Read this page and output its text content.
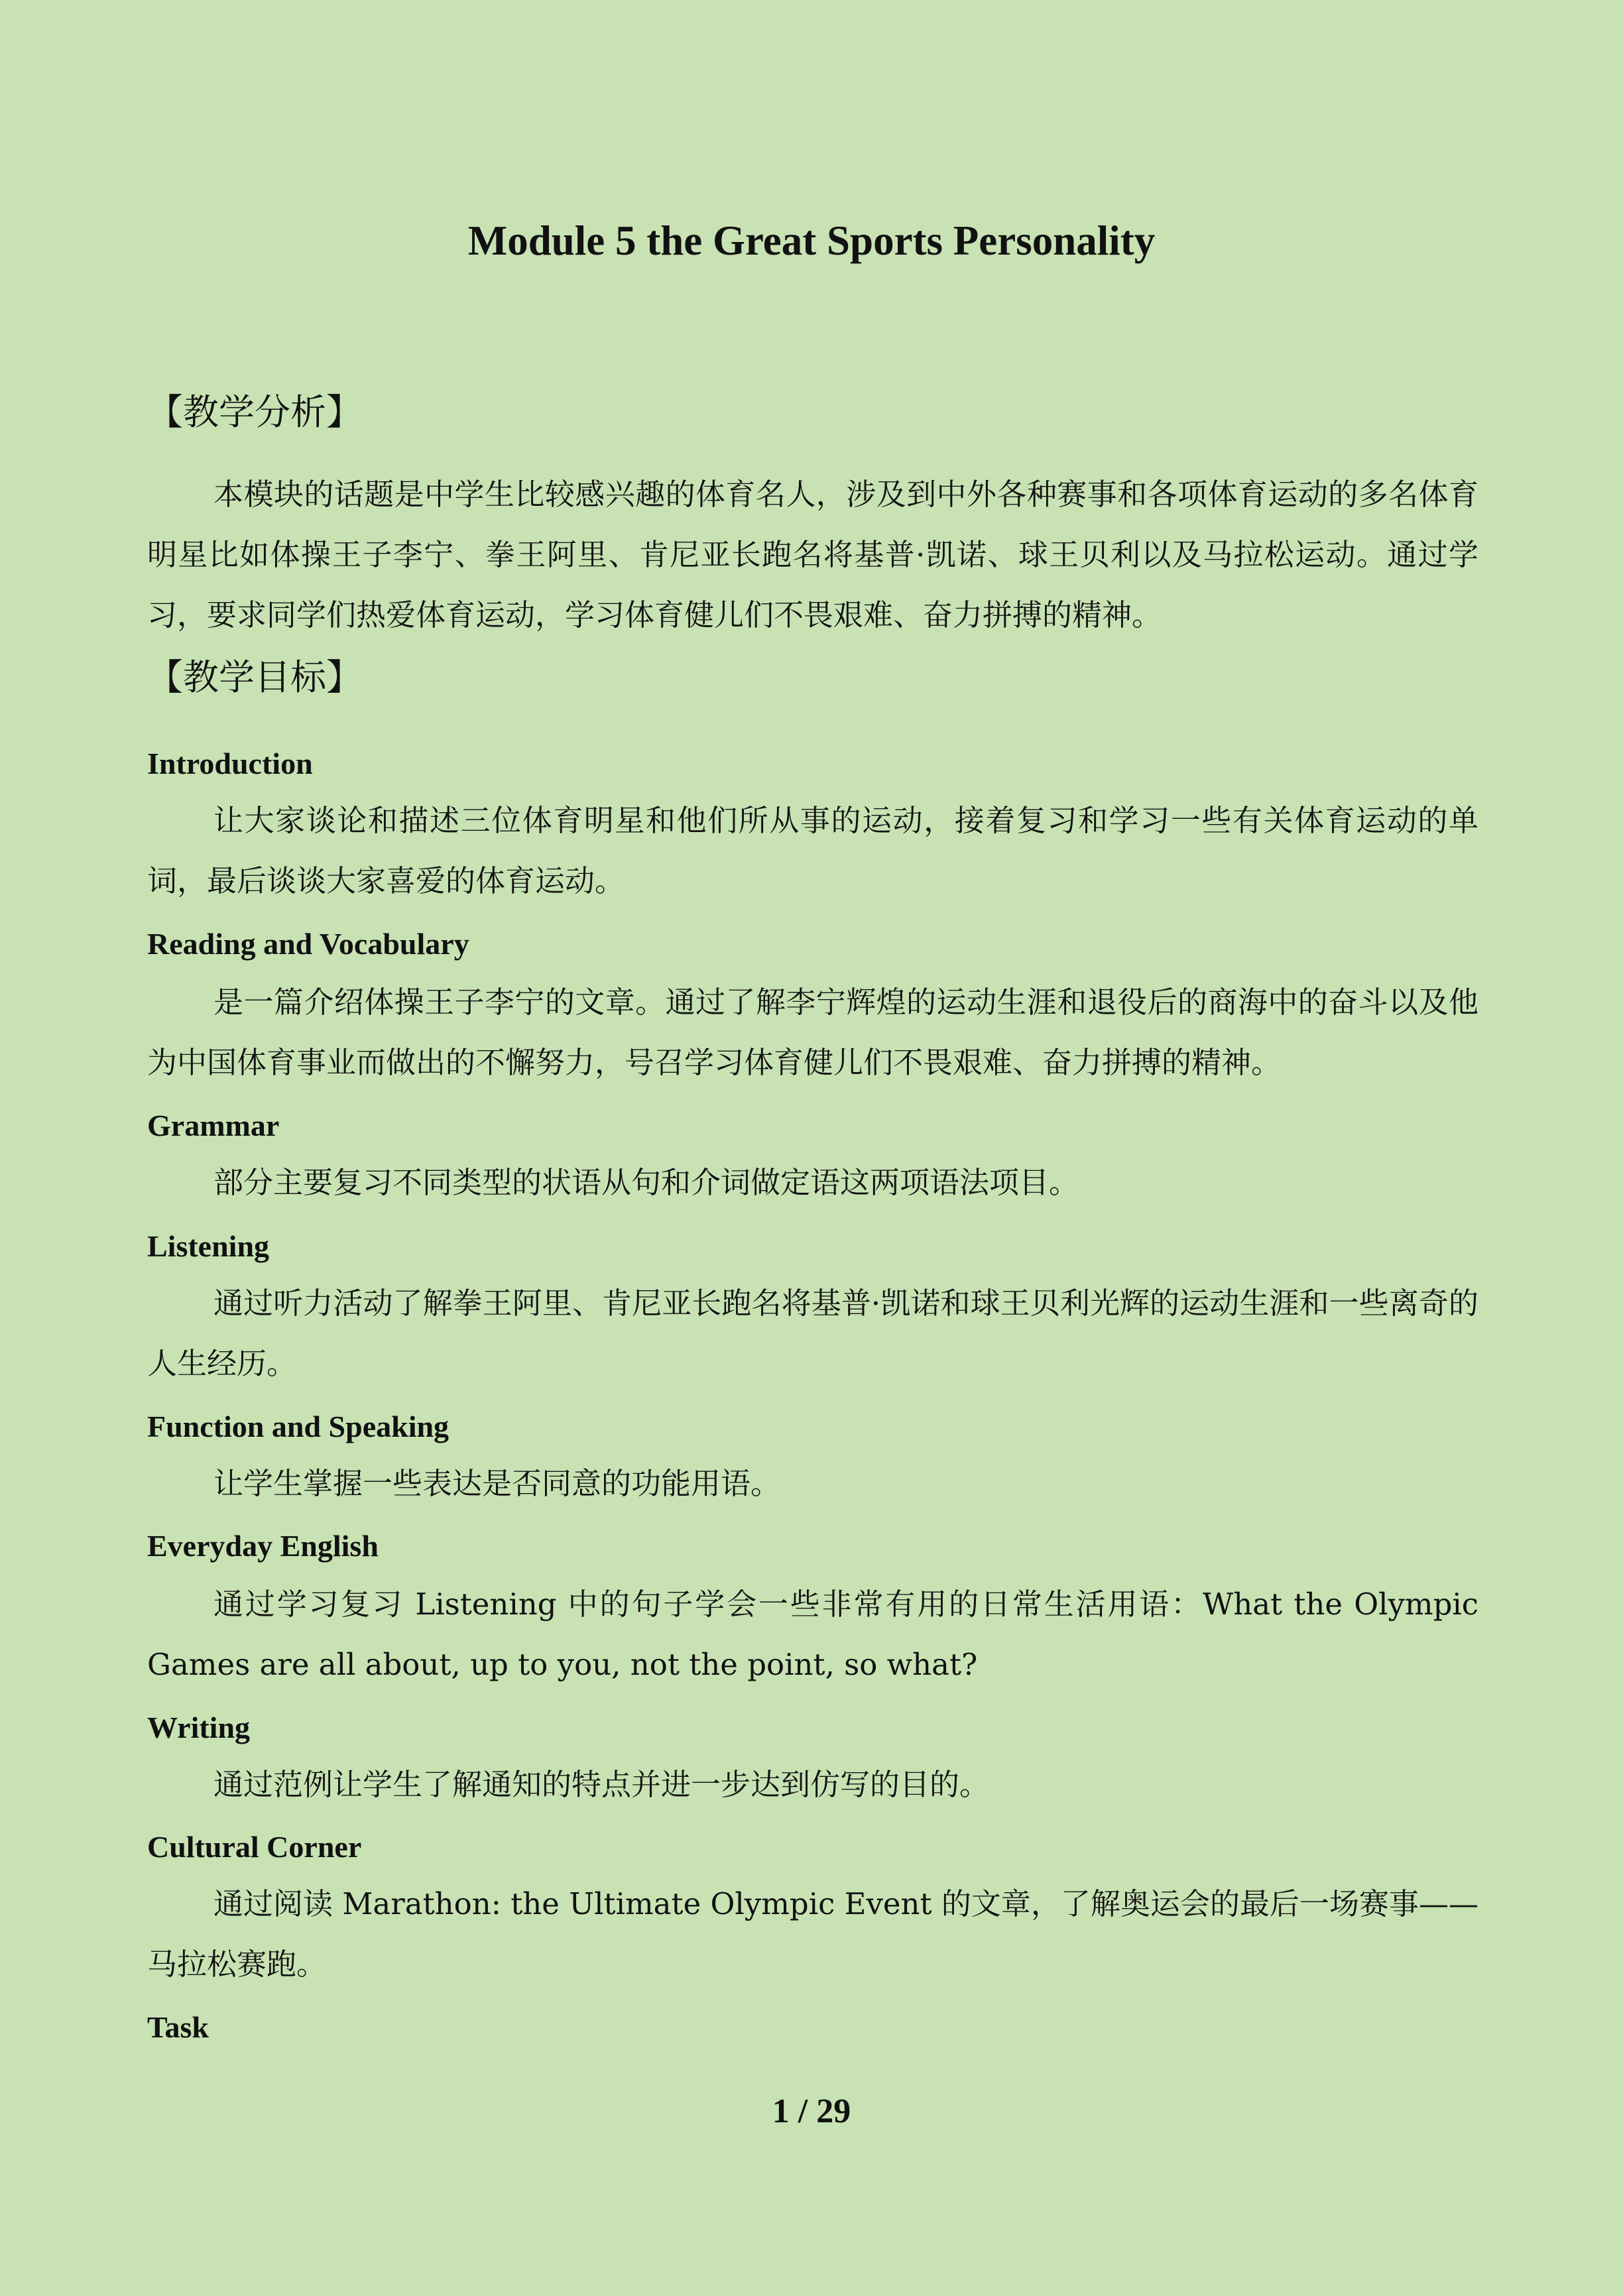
Module 5 the Great Sports Personality
【教学分析】

本模块的话题是中学生比较感兴趣的体育名人，涉及到中外各种赛事和各项体育运动的多名体育明星比如体操王子李宁、拳王阿里、肯尼亚长跑名将基普·凯诺、球王贝利以及马拉松运动。通过学习，要求同学们热爱体育运动，学习体育健儿们不畏艰难、奋力拼搏的精神。

【教学目标】
Introduction

让大家谈论和描述三位体育明星和他们所从事的运动，接着复习和学习一些有关体育运动的单词，最后谈谈大家喜爱的体育运动。

Reading and Vocabulary

是一篇介绍体操王子李宁的文章。通过了解李宁辉煌的运动生涯和退役后的商海中的奋斗以及他为中国体育事业而做出的不懈努力，号召学习体育健儿们不畏艰难、奋力拼搏的精神。

Grammar

部分主要复习不同类型的状语从句和介词做定语这两项语法项目。

Listening

通过听力活动了解拳王阿里、肯尼亚长跑名将基普·凯诺和球王贝利光辉的运动生涯和一些离奇的人生经历。

Function and Speaking

让学生掌握一些表达是否同意的功能用语。

Everyday English

通过学习复习 Listening 中的句子学会一些非常有用的日常生活用语：What the Olympic Games are all about, up to you, not the point, so what?

Writing

通过范例让学生了解通知的特点并进一步达到仿写的目的。

Cultural Corner

通过阅读 Marathon: the Ultimate Olympic Event 的文章，了解奥运会的最后一场赛事——马拉松赛跑。

Task
1 / 29
